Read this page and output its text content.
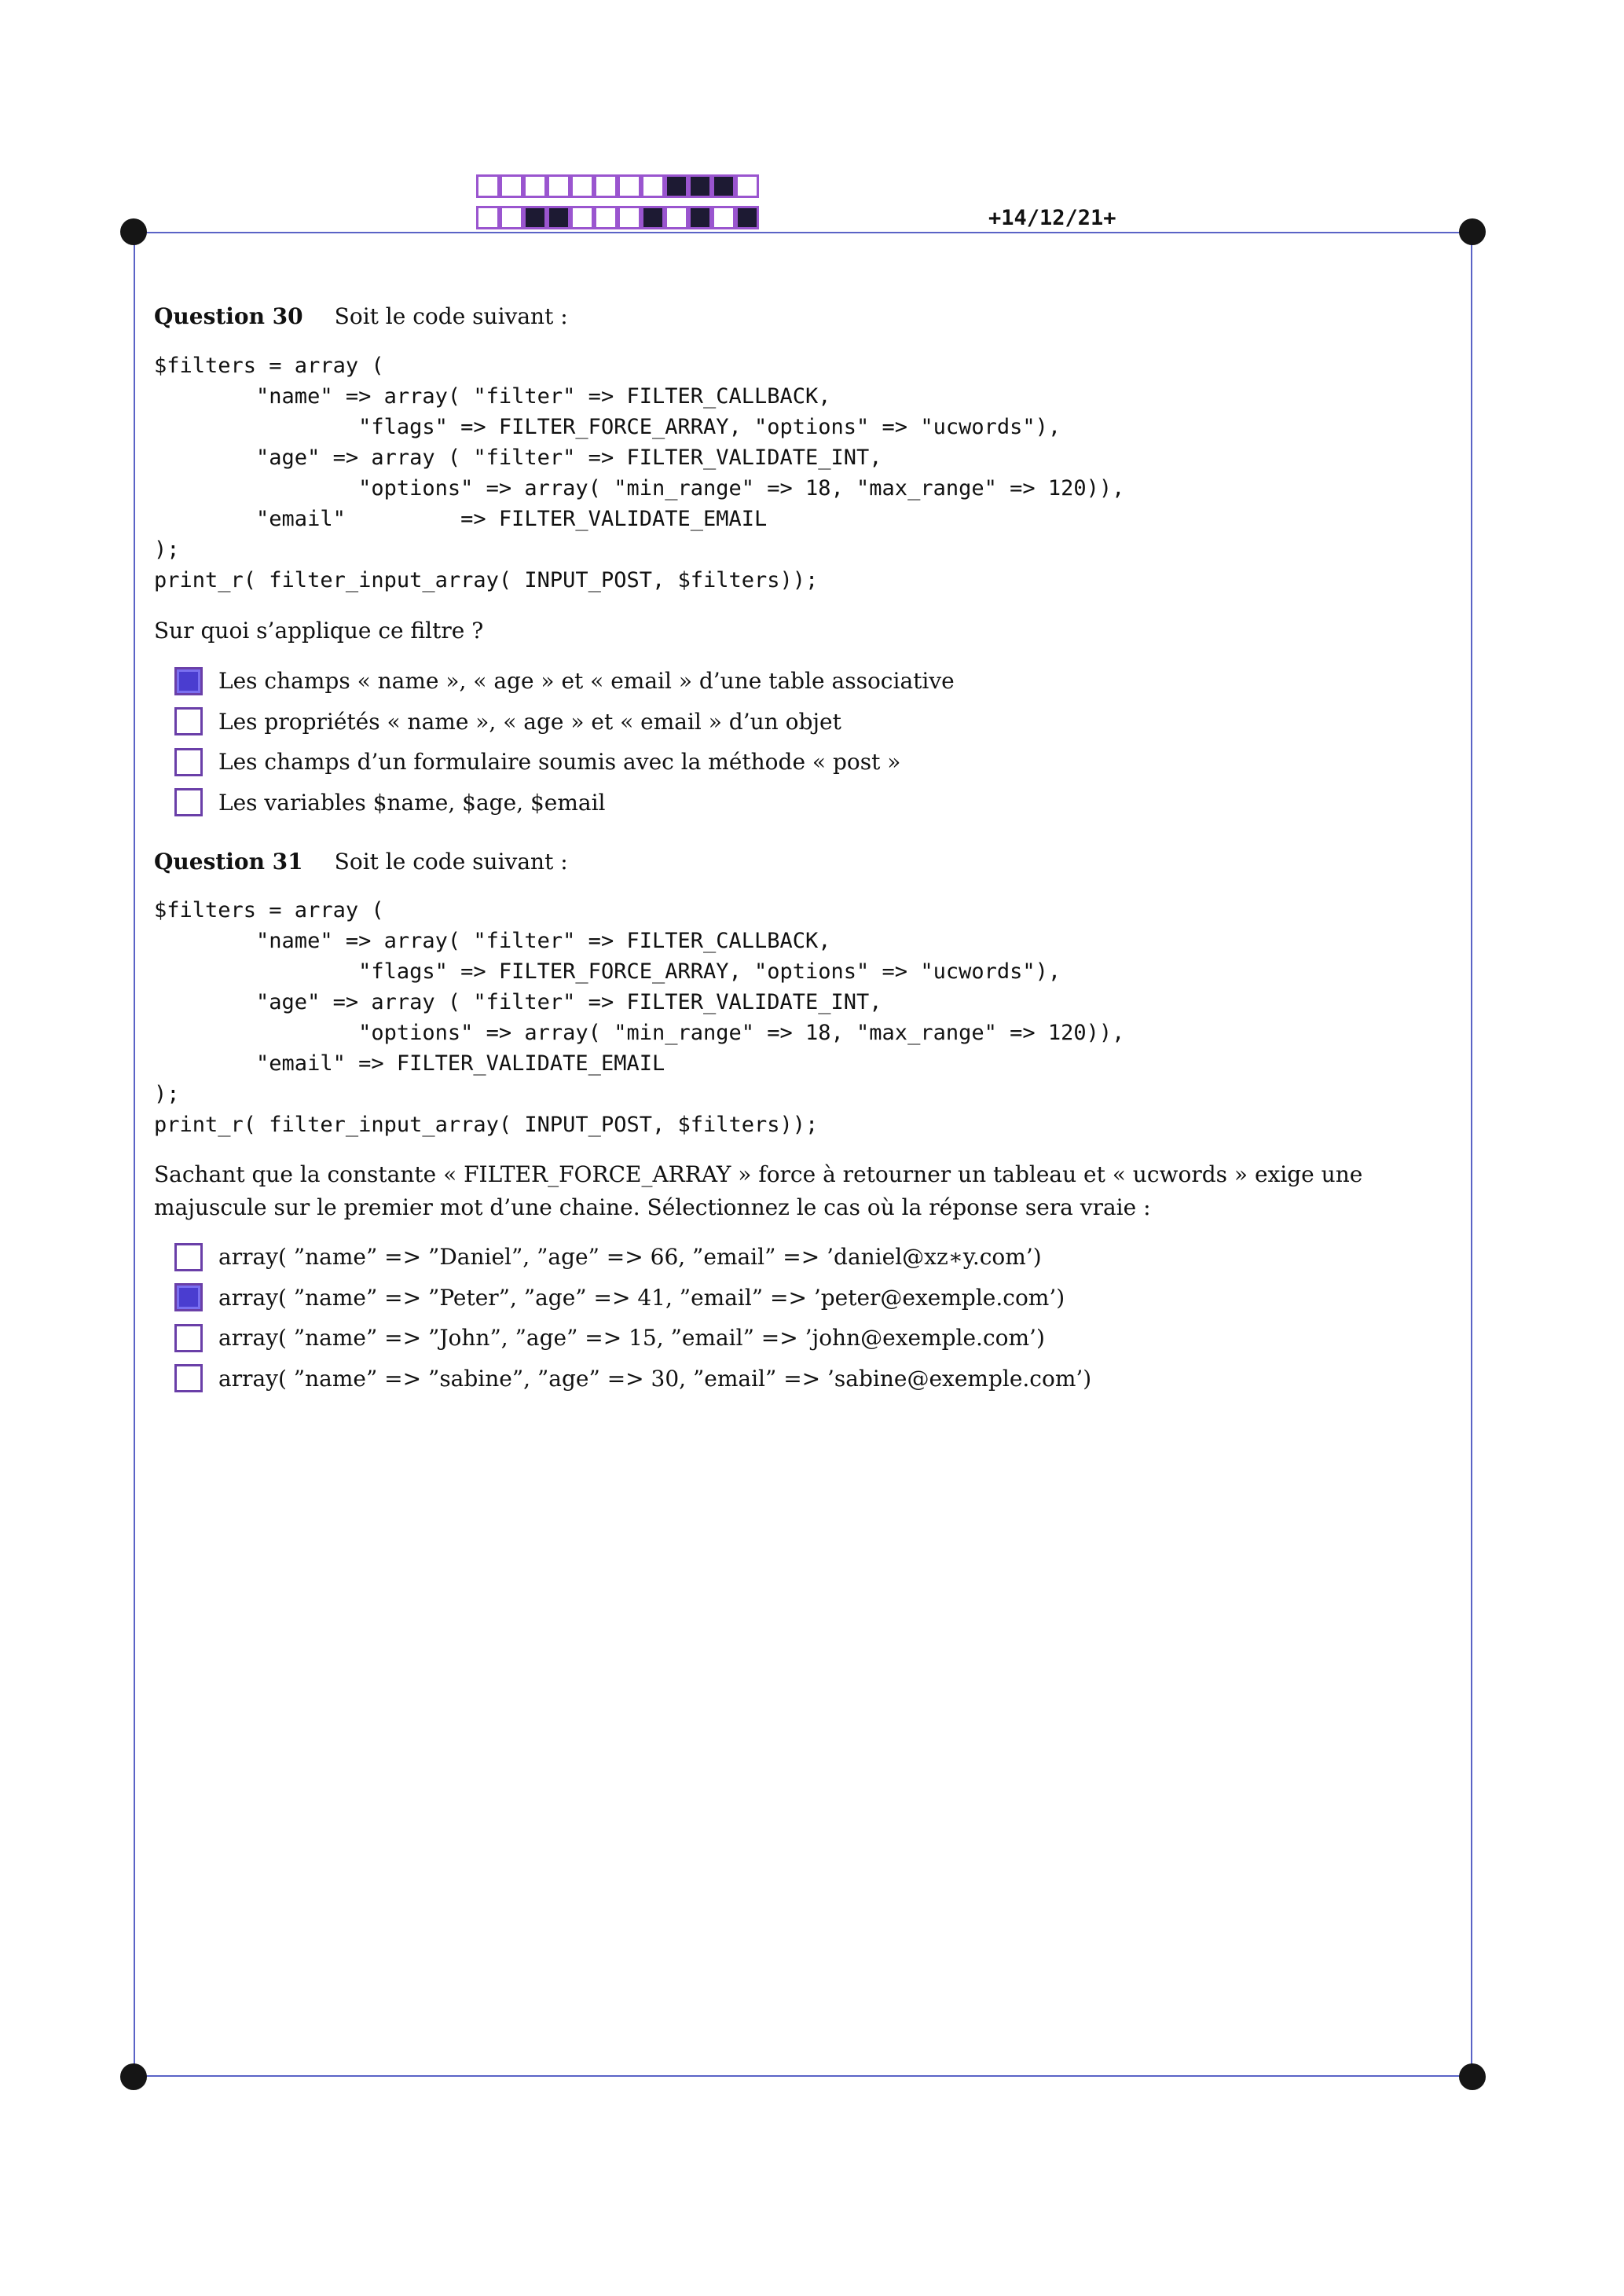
+14/12/21+
Question 30 Soit le code suivant :
$filters = array (
"name" => array( "filter" => FILTER_CALLBACK,
"flags" => FILTER_FORCE_ARRAY, "options" => "ucwords"),
"age" => array ( "filter" => FILTER_VALIDATE_INT,
"options" => array( "min_range" => 18, "max_range" => 120)),
"email"         => FILTER_VALIDATE_EMAIL
);
print_r( filter_input_array( INPUT_POST, $filters));
Sur quoi s’applique ce filtre ?
Les champs « name », « age » et « email » d’une table associative
Les propriétés « name », « age » et « email » d’un objet
Les champs d’un formulaire soumis avec la méthode « post »
Les variables $name, $age, $email
Question 31 Soit le code suivant :
$filters = array (
"name" => array( "filter" => FILTER_CALLBACK,
"flags" => FILTER_FORCE_ARRAY, "options" => "ucwords"),
"age" => array ( "filter" => FILTER_VALIDATE_INT,
"options" => array( "min_range" => 18, "max_range" => 120)),
"email" => FILTER_VALIDATE_EMAIL
);
print_r( filter_input_array( INPUT_POST, $filters));
Sachant que la constante « FILTER_FORCE_ARRAY » force à retourner un tableau et « ucwords » exige une majuscule sur le premier mot d’une chaine. Sélectionnez le cas où la réponse sera vraie :
array( ”name” => ”Daniel”, ”age” => 66, ”email” => ’daniel@xz∗y.com’)
array( ”name” => ”Peter”, ”age” => 41, ”email” => ’peter@exemple.com’)
array( ”name” => ”John”, ”age” => 15, ”email” => ’john@exemple.com’)
array( ”name” => ”sabine”, ”age” => 30, ”email” => ’sabine@exemple.com’)
